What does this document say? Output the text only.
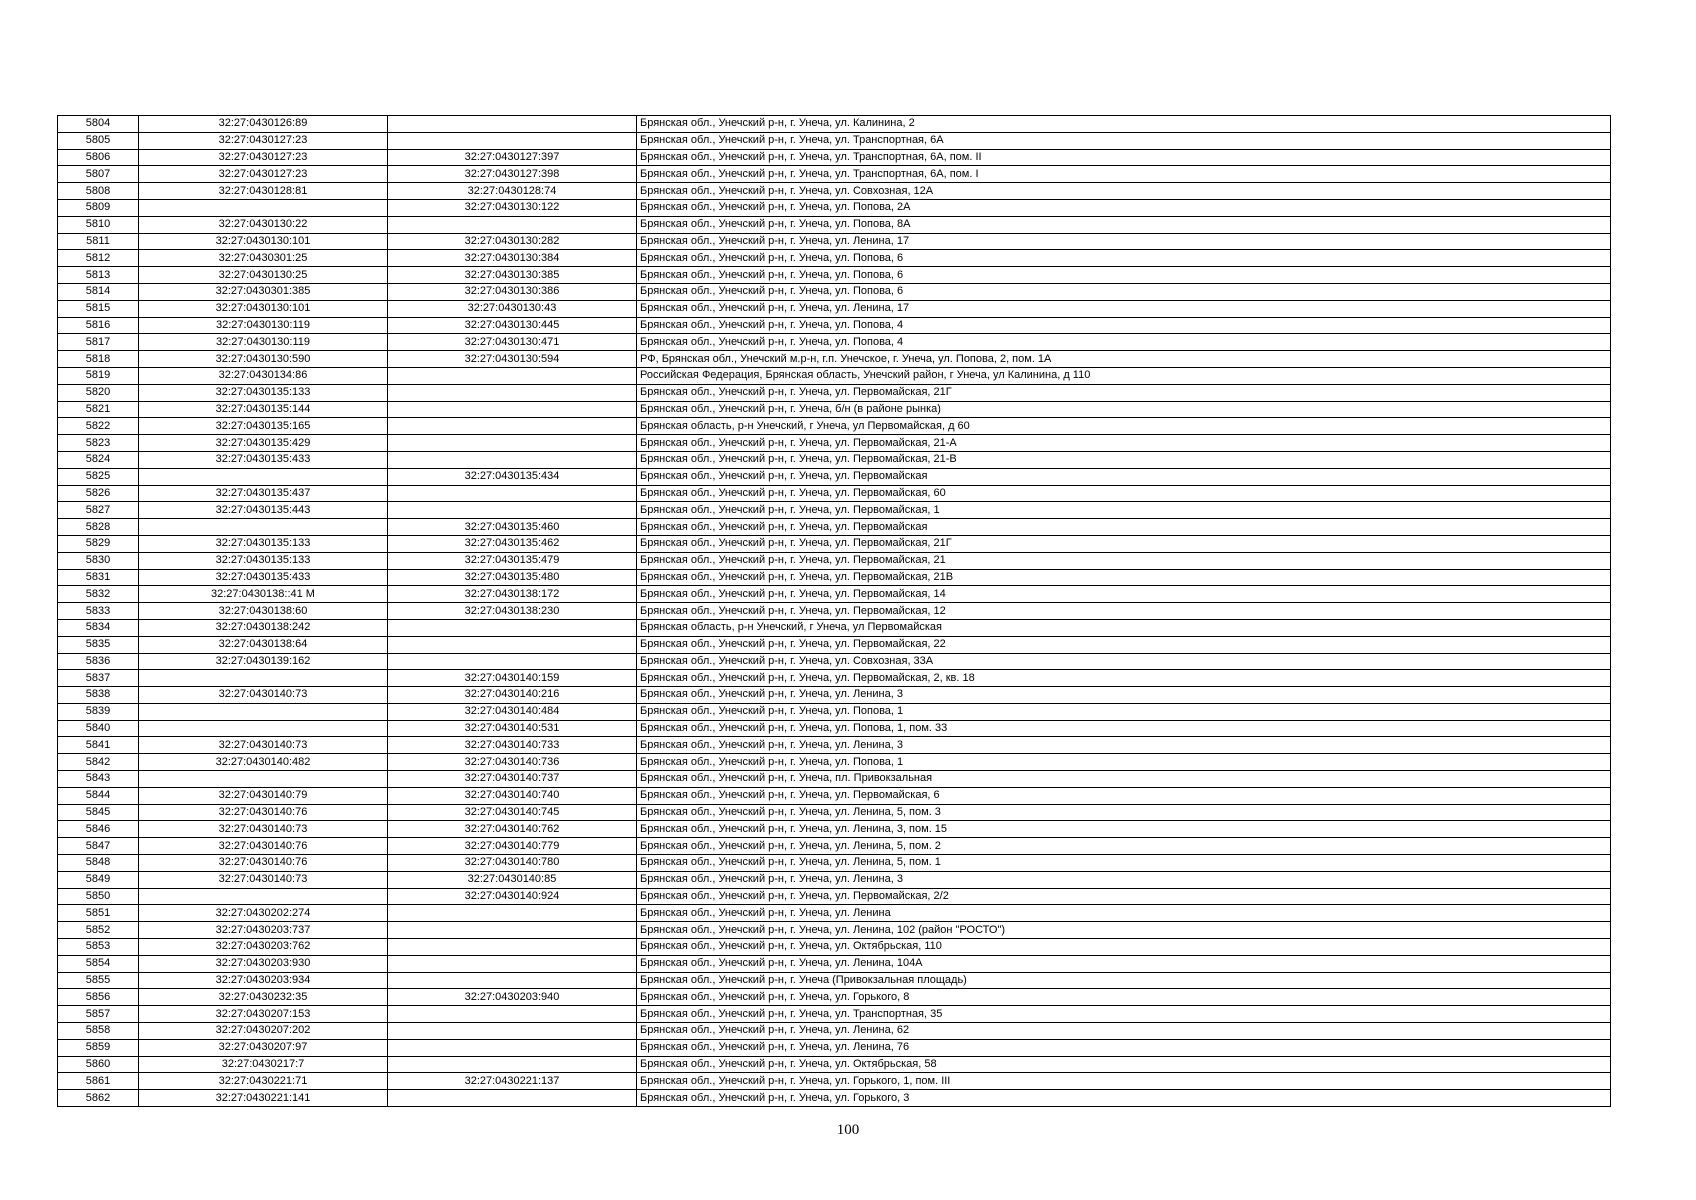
5804	32:27:0430126:89		Брянская обл., Унечский р-н, г. Унеча, ул. Калинина, 2
5805	32:27:0430127:23		Брянская обл., Унечский р-н, г. Унеча, ул. Транспортная, 6А
5806	32:27:0430127:23	32:27:0430127:397	Брянская обл., Унечский р-н, г. Унеча, ул. Транспортная, 6А, пом. II
5807	32:27:0430127:23	32:27:0430127:398	Брянская обл., Унечский р-н, г. Унеча, ул. Транспортная, 6А, пом. I
5808	32:27:0430128:81	32:27:0430128:74	Брянская обл., Унечский р-н, г. Унеча, ул. Совхозная, 12А
5809		32:27:0430130:122	Брянская обл., Унечский р-н, г. Унеча, ул. Попова, 2А
5810	32:27:0430130:22		Брянская обл., Унечский р-н, г. Унеча, ул. Попова, 8А
5811	32:27:0430130:101	32:27:0430130:282	Брянская обл., Унечский р-н, г. Унеча, ул. Ленина, 17
5812	32:27:0430301:25	32:27:0430130:384	Брянская обл., Унечский р-н, г. Унеча, ул. Попова, 6
5813	32:27:0430130:25	32:27:0430130:385	Брянская обл., Унечский р-н, г. Унеча, ул. Попова, 6
5814	32:27:0430301:385	32:27:0430130:386	Брянская обл., Унечский р-н, г. Унеча, ул. Попова, 6
5815	32:27:0430130:101	32:27:0430130:43	Брянская обл., Унечский р-н, г. Унеча, ул. Ленина, 17
5816	32:27:0430130:119	32:27:0430130:445	Брянская обл., Унечский р-н, г. Унеча, ул. Попова, 4
5817	32:27:0430130:119	32:27:0430130:471	Брянская обл., Унечский р-н, г. Унеча, ул. Попова, 4
5818	32:27:0430130:590	32:27:0430130:594	РФ, Брянская обл., Унечский м.р-н, г.п. Унечское, г. Унеча, ул. Попова, 2, пом. 1А
5819	32:27:0430134:86		Российская Федерация, Брянская область, Унечский район, г Унеча, ул Калинина, д 110
5820	32:27:0430135:133		Брянская обл., Унечский р-н, г. Унеча, ул. Первомайская, 21Г
5821	32:27:0430135:144		Брянская обл., Унечский р-н, г. Унеча, б/н (в районе рынка)
5822	32:27:0430135:165		Брянская область, р-н Унечский, г Унеча, ул Первомайская, д 60
5823	32:27:0430135:429		Брянская обл., Унечский р-н, г. Унеча, ул. Первомайская, 21-А
5824	32:27:0430135:433		Брянская обл., Унечский р-н, г. Унеча, ул. Первомайская, 21-В
5825		32:27:0430135:434	Брянская обл., Унечский р-н, г. Унеча, ул. Первомайская
5826	32:27:0430135:437		Брянская обл., Унечский р-н, г. Унеча, ул. Первомайская, 60
5827	32:27:0430135:443		Брянская обл., Унечский р-н, г. Унеча, ул. Первомайская, 1
5828		32:27:0430135:460	Брянская обл., Унечский р-н, г. Унеча, ул. Первомайская
5829	32:27:0430135:133	32:27:0430135:462	Брянская обл., Унечский р-н, г. Унеча, ул. Первомайская, 21Г
5830	32:27:0430135:133	32:27:0430135:479	Брянская обл., Унечский р-н, г. Унеча, ул. Первомайская, 21
5831	32:27:0430135:433	32:27:0430135:480	Брянская обл., Унечский р-н, г. Унеча, ул. Первомайская, 21В
5832	32:27:0430138::41 M	32:27:0430138:172	Брянская обл., Унечский р-н, г. Унеча, ул. Первомайская, 14
5833	32:27:0430138:60	32:27:0430138:230	Брянская обл., Унечский р-н, г. Унеча, ул. Первомайская, 12
5834	32:27:0430138:242		Брянская область, р-н Унечский, г Унеча, ул Первомайская
5835	32:27:0430138:64		Брянская обл., Унечский р-н, г. Унеча, ул. Первомайская, 22
5836	32:27:0430139:162		Брянская обл., Унечский р-н, г. Унеча, ул. Совхозная, 33А
5837		32:27:0430140:159	Брянская обл., Унечский р-н, г. Унеча, ул. Первомайская, 2, кв. 18
5838	32:27:0430140:73	32:27:0430140:216	Брянская обл., Унечский р-н, г. Унеча, ул. Ленина, 3
5839		32:27:0430140:484	Брянская обл., Унечский р-н, г. Унеча, ул. Попова, 1
5840		32:27:0430140:531	Брянская обл., Унечский р-н, г. Унеча, ул. Попова, 1, пом. 33
5841	32:27:0430140:73	32:27:0430140:733	Брянская обл., Унечский р-н, г. Унеча, ул. Ленина, 3
5842	32:27:0430140:482	32:27:0430140:736	Брянская обл., Унечский р-н, г. Унеча, ул. Попова, 1
5843		32:27:0430140:737	Брянская обл., Унечский р-н, г. Унеча, пл. Привокзальная
5844	32:27:0430140:79	32:27:0430140:740	Брянская обл., Унечский р-н, г. Унеча, ул. Первомайская, 6
5845	32:27:0430140:76	32:27:0430140:745	Брянская обл., Унечский р-н, г. Унеча, ул. Ленина, 5, пом. 3
5846	32:27:0430140:73	32:27:0430140:762	Брянская обл., Унечский р-н, г. Унеча, ул. Ленина, 3, пом. 15
5847	32:27:0430140:76	32:27:0430140:779	Брянская обл., Унечский р-н, г. Унеча, ул. Ленина, 5, пом. 2
5848	32:27:0430140:76	32:27:0430140:780	Брянская обл., Унечский р-н, г. Унеча, ул. Ленина, 5, пом. 1
5849	32:27:0430140:73	32:27:0430140:85	Брянская обл., Унечский р-н, г. Унеча, ул. Ленина, 3
5850		32:27:0430140:924	Брянская обл., Унечский р-н, г. Унеча, ул. Первомайская, 2/2
5851	32:27:0430202:274		Брянская обл., Унечский р-н, г. Унеча, ул. Ленина
5852	32:27:0430203:737		Брянская обл., Унечский р-н, г. Унеча, ул. Ленина, 102 (район "РОСТО")
5853	32:27:0430203:762		Брянская обл., Унечский р-н, г. Унеча, ул. Октябрьская, 110
5854	32:27:0430203:930		Брянская обл., Унечский р-н, г. Унеча, ул. Ленина, 104А
5855	32:27:0430203:934		Брянская обл., Унечский р-н, г. Унеча (Привокзальная площадь)
5856	32:27:0430232:35	32:27:0430203:940	Брянская обл., Унечский р-н, г. Унеча, ул. Горького, 8
5857	32:27:0430207:153		Брянская обл., Унечский р-н, г. Унеча, ул. Транспортная, 35
5858	32:27:0430207:202		Брянская обл., Унечский р-н, г. Унеча, ул. Ленина, 62
5859	32:27:0430207:97		Брянская обл., Унечский р-н, г. Унеча, ул. Ленина, 76
5860	32:27:0430217:7		Брянская обл., Унечский р-н, г. Унеча, ул. Октябрьская, 58
5861	32:27:0430221:71	32:27:0430221:137	Брянская обл., Унечский р-н, г. Унеча, ул. Горького, 1, пом. III
5862	32:27:0430221:141		Брянская обл., Унечский р-н, г. Унеча, ул. Горького, 3
100
